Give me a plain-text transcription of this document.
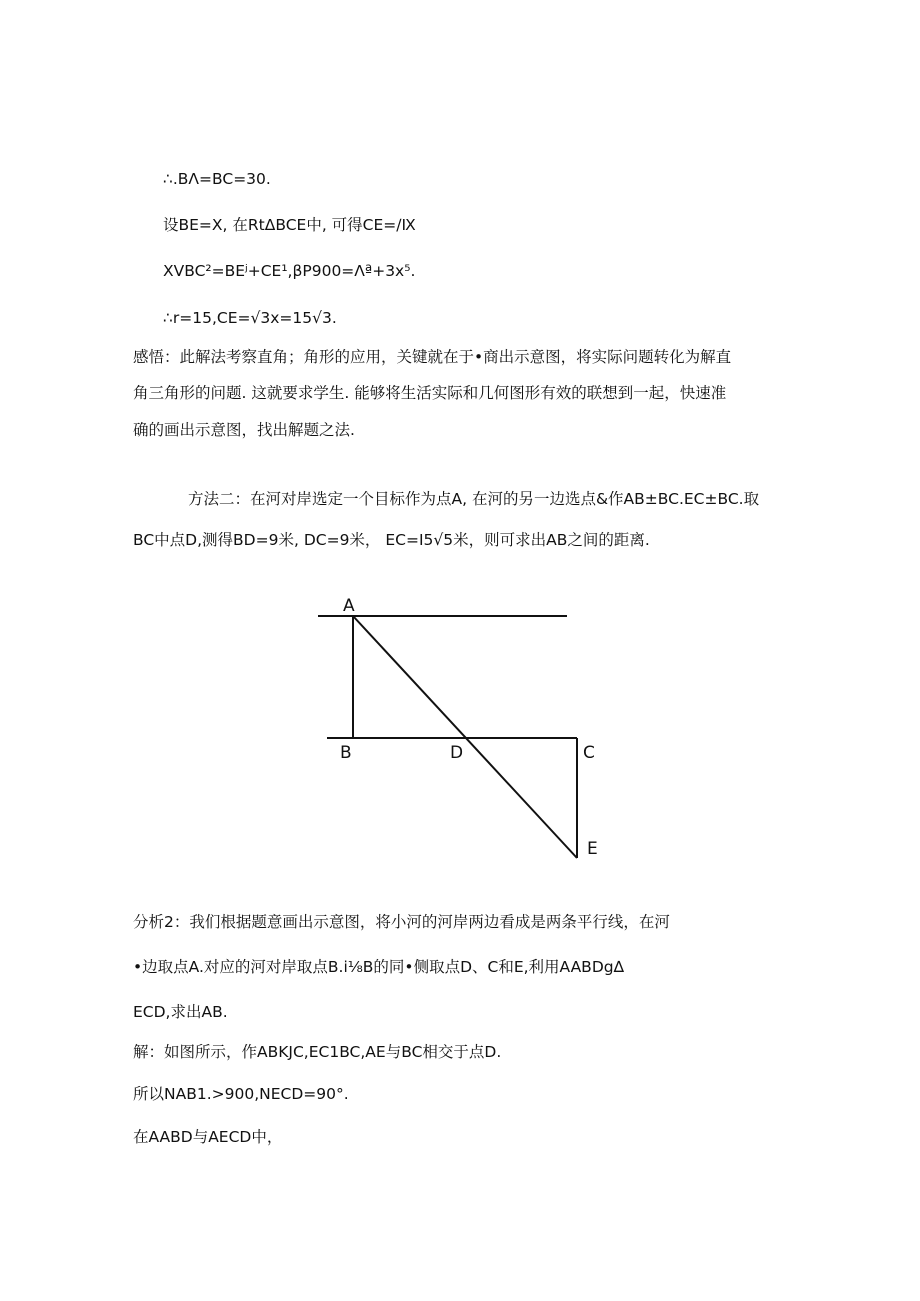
∴.BΛ=BC=30.
设BE=X, 在RtΔBCE中, 可得CE=∕Ⅸ
XVBC²=BEʲ+CE¹,βP900=Λª+3x⁵.
∴r=15,CE=√3x=15√3.
感悟：此解法考察直角；角形的应用，关键就在于•商出示意图，将实际问题转化为解直
角三角形的问题. 这就要求学生. 能够将生活实际和几何图形有效的联想到一起，快速准
确的画出示意图，找出解题之法.
方法二：在河对岸选定一个目标作为点A, 在河的另一边选点&作AB±BC.EC±BC.取
BC中点D,测得BD=9米, DC=9米， EC=I5√5米，则可求出AB之间的距离.
A
B	D	C
E
分析2：我们根据题意画出示意图，将小河的河岸两边看成是两条平行线，在河
•边取点A.对应的河对岸取点B.i⅛B的同•侧取点D、C和E,利用AABDg∆
ECD,求出AB.
解：如图所示，作ABKJC,EC1BC,AE与BC相交于点D.
所以NAB1.>900,NECD=90°.
在AABD与AECD中，
